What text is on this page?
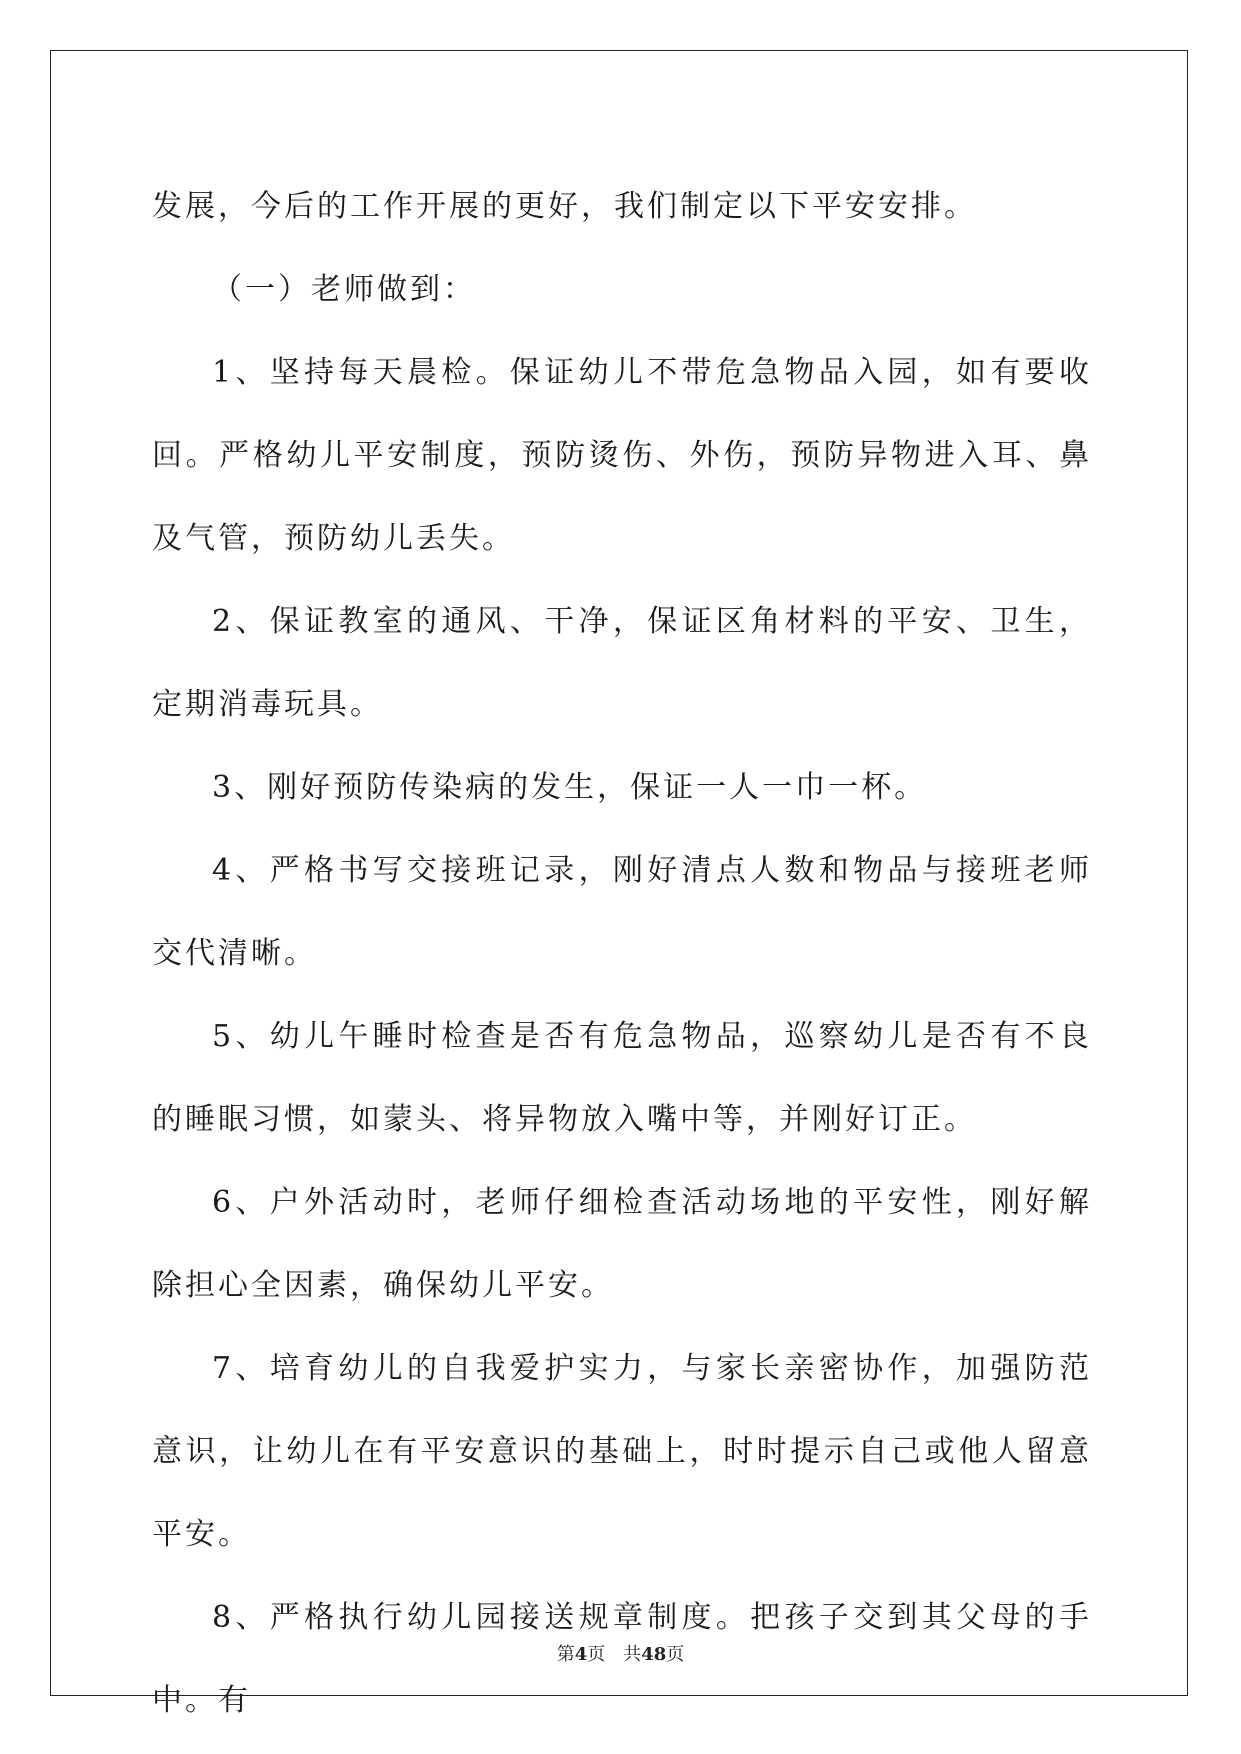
发展，今后的工作开展的更好，我们制定以下平安安排。

（一）老师做到：

1、坚持每天晨检。保证幼儿不带危急物品入园，如有要收回。严格幼儿平安制度，预防烫伤、外伤，预防异物进入耳、鼻及气管，预防幼儿丢失。

2、保证教室的通风、干净，保证区角材料的平安、卫生，定期消毒玩具。

3、刚好预防传染病的发生，保证一人一巾一杯。

4、严格书写交接班记录，刚好清点人数和物品与接班老师交代清晰。

5、幼儿午睡时检查是否有危急物品，巡察幼儿是否有不良的睡眠习惯，如蒙头、将异物放入嘴中等，并刚好订正。

6、户外活动时，老师仔细检查活动场地的平安性，刚好解除担心全因素，确保幼儿平安。

7、培育幼儿的自我爱护实力，与家长亲密协作，加强防范意识，让幼儿在有平安意识的基础上，时时提示自己或他人留意平安。

8、严格执行幼儿园接送规章制度。把孩子交到其父母的手中。有

第4页　共48页
